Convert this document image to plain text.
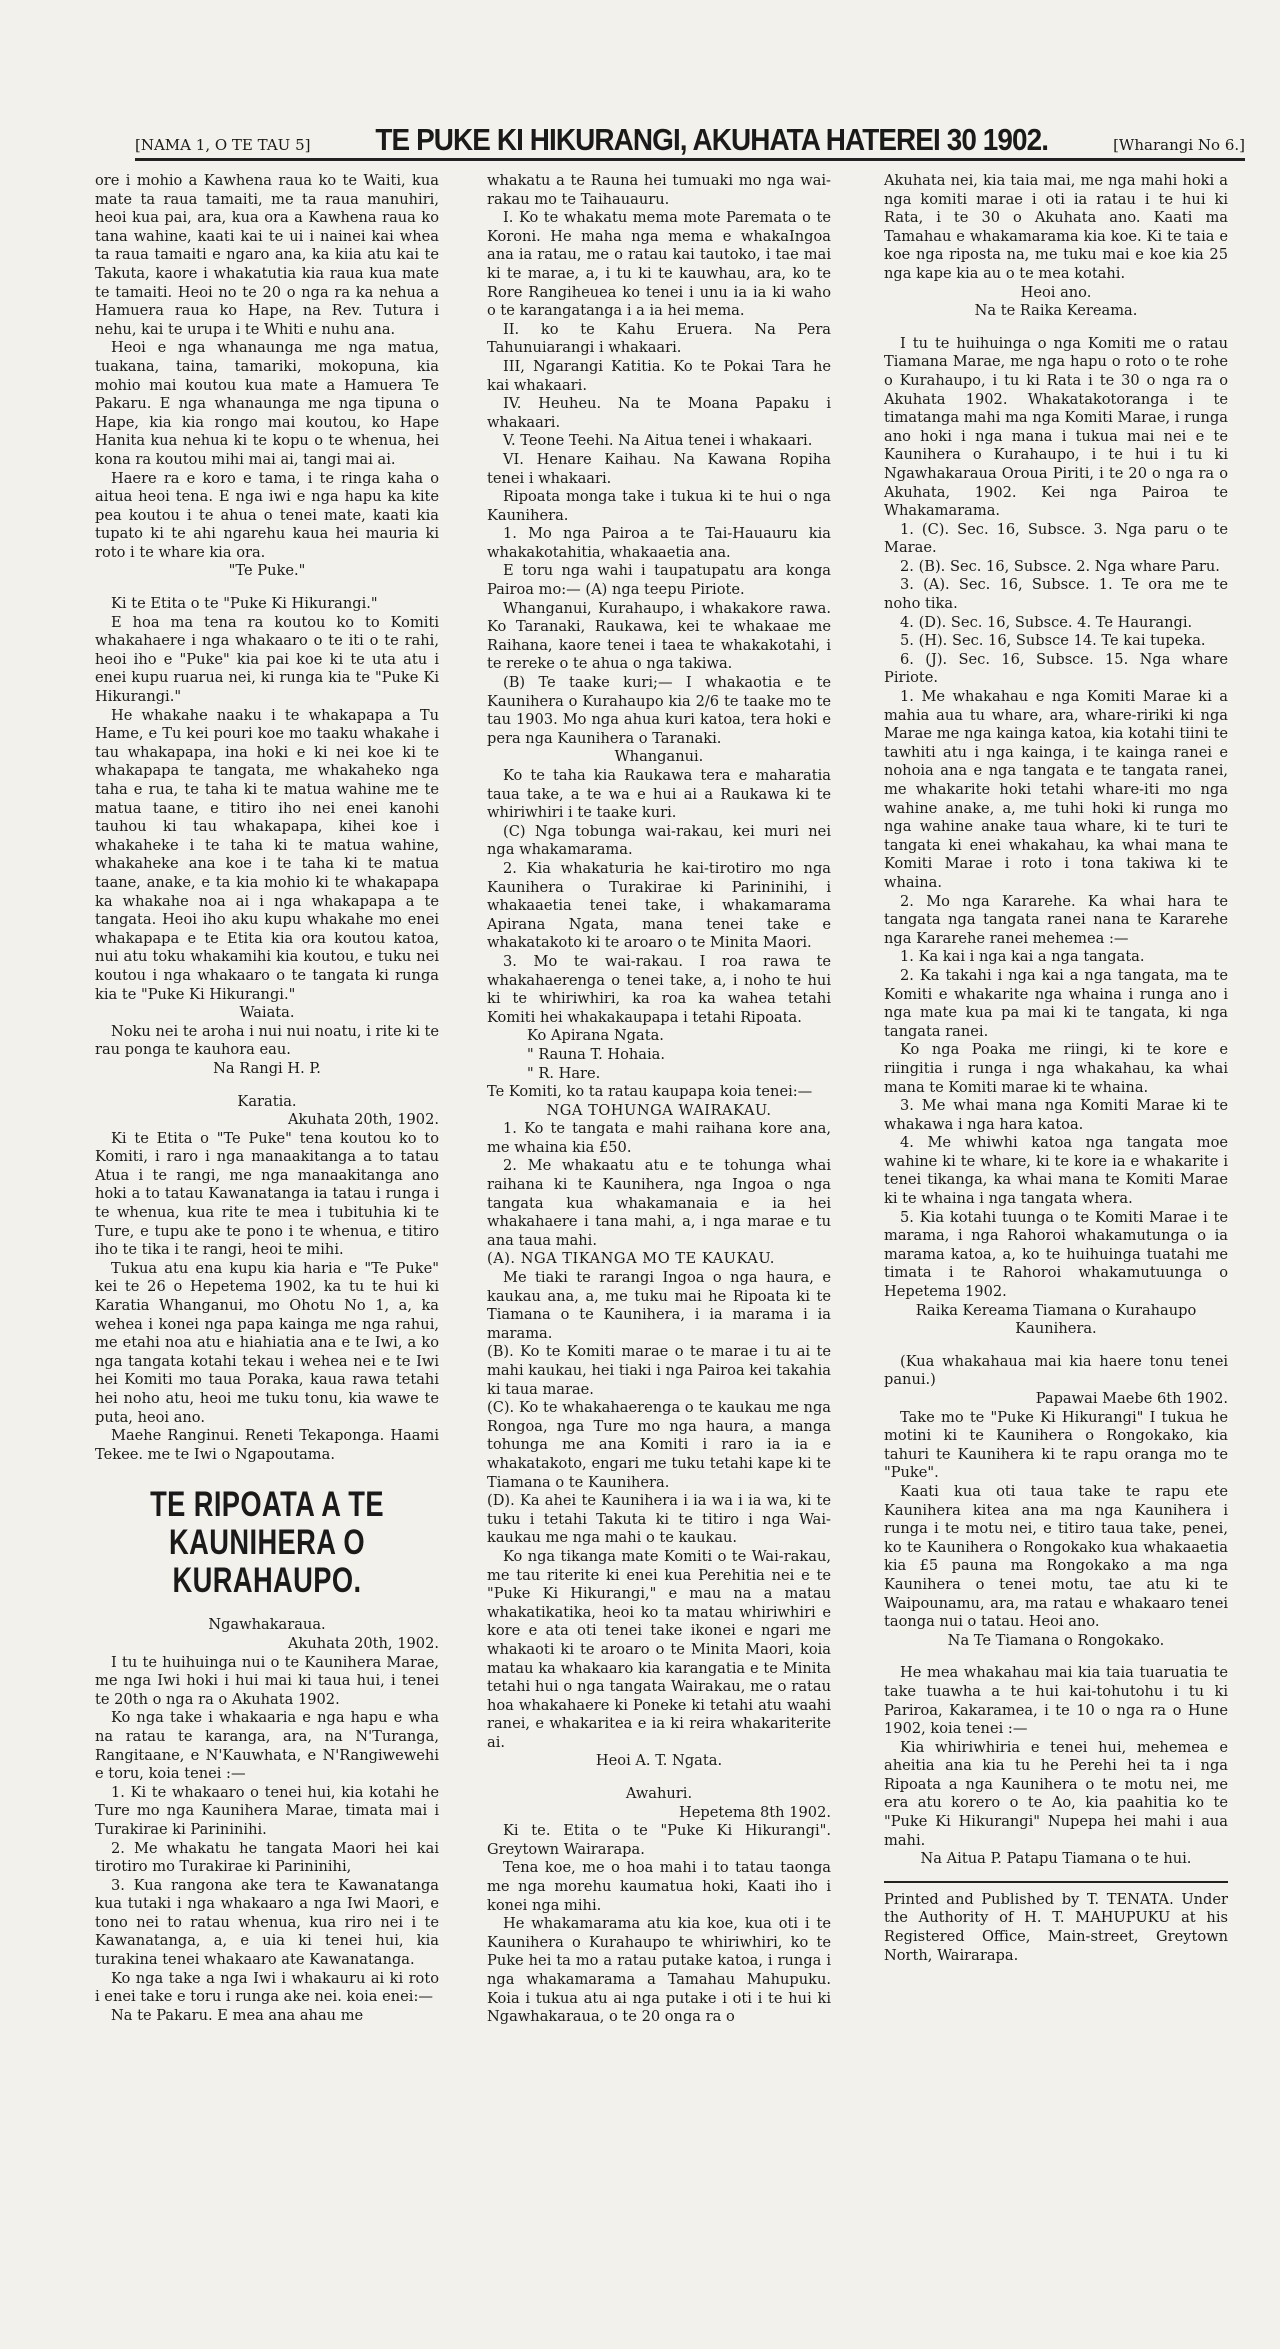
[NAMA 1, O TE TAU 5] TE PUKE KI HIKURANGI, AKUHATA HATEREI 30 1902.	[Wharangi No 6.]

ore i mohio a Kawhena raua ko te Waiti, kua mate ta raua tamaiti, me ta raua manuhiri, heoi kua pai, ara, kua ora a Kawhena raua ko tana wahine, kaati kai te ui i nainei kai whea ta raua tamaiti e ngaro ana, ka kiia atu kai te Takuta, kaore i whakatutia kia raua kua mate te tamaiti. Heoi no te 20 o nga ra ka nehua a Hamuera raua ko Hape, na Rev. Tutura i nehu, kai te urupa i te Whiti e nuhu ana.

Heoi e nga whanaunga me nga matua, tuakana, taina, tamariki, mokopuna, kia mohio mai koutou kua mate a Hamuera Te Pakaru. E nga whanaunga me nga tipuna o Hape, kia kia rongo mai koutou, ko Hape Hanita kua nehua ki te kopu o te whenua, hei kona ra koutou mihi mai ai, tangi mai ai.

Haere ra e koro e tama, i te ringa kaha o aitua heoi tena. E nga iwi e nga hapu ka kite pea koutou i te ahua o tenei mate, kaati kia tupato ki te ahi ngarehu kaua hei mauria ki roto i te whare kia ora.

"Te Puke."

Ki te Etita o te "Puke Ki Hikurangi."

E hoa ma tena ra koutou ko to Komiti whakahaere i nga whakaaro o te iti o te rahi, heoi iho e "Puke" kia pai koe ki te uta atu i enei kupu ruarua nei, ki runga kia te "Puke Ki Hikurangi."

He whakahe naaku i te whakapapa a Tu Hame, e Tu kei pouri koe mo taaku whakahe i tau whakapapa, ina hoki e ki nei koe ki te whakapapa te tangata, me whakaheko nga taha e rua, te taha ki te matua wahine me te matua taane, e titiro iho nei enei kanohi tauhou ki tau whakapapa, kihei koe i whakaheke i te taha ki te matua wahine, whakaheke ana koe i te taha ki te matua taane, anake, e ta kia mohio ki te whakapapa ka whakahe noa ai i nga whakapapa a te tangata. Heoi iho aku kupu whakahe mo enei whakapapa e te Etita kia ora koutou katoa, nui atu toku whakamihi kia koutou, e tuku nei koutou i nga whakaaro o te tangata ki runga kia te "Puke Ki Hikurangi."

Waiata.

Noku nei te aroha i nui nui noatu, i rite ki te rau ponga te kauhora eau.

Na Rangi H. P.

Karatia.

Akuhata 20th, 1902.

Ki te Etita o "Te Puke" tena koutou ko to Komiti, i raro i nga manaakitanga a to tatau Atua i te rangi, me nga manaakitanga ano hoki a to tatau Kawanatanga ia tatau i runga i te whenua, kua rite te mea i tubituhia ki te Ture, e tupu ake te pono i te whenua, e titiro iho te tika i te rangi, heoi te mihi.

Tukua atu ena kupu kia haria e "Te Puke" kei te 26 o Hepetema 1902, ka tu te hui ki Karatia Whanganui, mo Ohotu No 1, a, ka wehea i konei nga papa kainga me nga rahui, me etahi noa atu e hiahiatia ana e te Iwi, a ko nga tangata kotahi tekau i wehea nei e te Iwi hei Komiti mo taua Poraka, kaua rawa tetahi hei noho atu, heoi me tuku tonu, kia wawe te puta, heoi ano.

Maehe Ranginui. Reneti Tekaponga. Haami Tekee. me te Iwi o Ngapoutama.

TE RIPOATA A TE KAUNIHERA O KURAHAUPO.

Ngawhakaraua.

Akuhata 20th, 1902.

I tu te huihuinga nui o te Kaunihera Marae, me nga Iwi hoki i hui mai ki taua hui, i tenei te 20th o nga ra o Akuhata 1902.

Ko nga take i whakaaria e nga hapu e wha na ratau te karanga, ara, na N'Turanga, Rangitaane, e N'Kauwhata, e N'Rangiwewehi e toru, koia tenei :—

1. Ki te whakaaro o tenei hui, kia kotahi he Ture mo nga Kaunihera Marae, timata mai i Turakirae ki Parininihi.

2. Me whakatu he tangata Maori hei kai tirotiro mo Turakirae ki Parininihi,

3. Kua rangona ake tera te Kawanatanga kua tutaki i nga whakaaro a nga Iwi Maori, e tono nei to ratau whenua, kua riro nei i te Kawanatanga, a, e uia ki tenei hui, kia turakina tenei whakaaro ate Kawanatanga.

Ko nga take a nga Iwi i whakauru ai ki roto i enei take e toru i runga ake nei. koia enei:—

Na te Pakaru. E mea ana ahau me

whakatu a te Rauna hei tumuaki mo nga wai-rakau mo te Taihauauru.

I. Ko te whakatu mema mote Paremata o te Koroni. He maha nga mema e whakaIngoa ana ia ratau, me o ratau kai tautoko, i tae mai ki te marae, a, i tu ki te kauwhau, ara, ko te Rore Rangiheuea ko tenei i unu ia ia ki waho o te karangatanga i a ia hei mema.

II. ko te Kahu Eruera. Na Pera Tahunuiarangi i whakaari.

III, Ngarangi Katitia. Ko te Pokai Tara he kai whakaari.

IV. Heuheu. Na te Moana Papaku i whakaari.

V. Teone Teehi. Na Aitua tenei i whakaari.

VI. Henare Kaihau. Na Kawana Ropiha tenei i whakaari.

Ripoata monga take i tukua ki te hui o nga Kaunihera.

1. Mo nga Pairoa a te Tai-Hauauru kia whakakotahitia, whakaaetia ana.

E toru nga wahi i taupatupatu ara konga Pairoa mo:— (A) nga teepu Piriote.

Whanganui, Kurahaupo, i whakakore rawa. Ko Taranaki, Raukawa, kei te whakaae me Raihana, kaore tenei i taea te whakakotahi, i te rereke o te ahua o nga takiwa.

(B) Te taake kuri;— I whakaotia e te Kaunihera o Kurahaupo kia 2/6 te taake mo te tau 1903. Mo nga ahua kuri katoa, tera hoki e pera nga Kaunihera o Taranaki.

Whanganui.

Ko te taha kia Raukawa tera e maharatia taua take, a te wa e hui ai a Raukawa ki te whiriwhiri i te taake kuri.

(C) Nga tobunga wai-rakau, kei muri nei nga whakamarama.

2. Kia whakaturia he kai-tirotiro mo nga Kaunihera o Turakirae ki Parininihi, i whakaaetia tenei take, i whakamarama Apirana Ngata, mana tenei take e whakatakoto ki te aroaro o te Minita Maori.

3. Mo te wai-rakau. I roa rawa te whakahaerenga o tenei take, a, i noho te hui ki te whiriwhiri, ka roa ka wahea tetahi Komiti hei whakakaupapa i tetahi Ripoata.

Ko Apirana Ngata.

" Rauna T. Hohaia.

" R. Hare.

Te Komiti, ko ta ratau kaupapa koia tenei:—

NGA TOHUNGA WAIRAKAU.

1. Ko te tangata e mahi raihana kore ana, me whaina kia £50.

2. Me whakaatu atu e te tohunga whai raihana ki te Kaunihera, nga Ingoa o nga tangata kua whakamanaia e ia hei whakahaere i tana mahi, a, i nga marae e tu ana taua mahi.

(A). NGA TIKANGA MO TE KAUKAU.

Me tiaki te rarangi Ingoa o nga haura, e kaukau ana, a, me tuku mai he Ripoata ki te Tiamana o te Kaunihera, i ia marama i ia marama.

(B). Ko te Komiti marae o te marae i tu ai te mahi kaukau, hei tiaki i nga Pairoa kei takahia ki taua marae.

(C). Ko te whakahaerenga o te kaukau me nga Rongoa, nga Ture mo nga haura, a manga tohunga me ana Komiti i raro ia ia e whakatakoto, engari me tuku tetahi kape ki te Tiamana o te Kaunihera.

(D). Ka ahei te Kaunihera i ia wa i ia wa, ki te tuku i tetahi Takuta ki te titiro i nga Wai-kaukau me nga mahi o te kaukau.

Ko nga tikanga mate Komiti o te Wai-rakau, me tau riterite ki enei kua Perehitia nei e te "Puke Ki Hikurangi," e mau na a matau whakatikatika, heoi ko ta matau whiriwhiri e kore e ata oti tenei take ikonei e ngari me whakaoti ki te aroaro o te Minita Maori, koia matau ka whakaaro kia karangatia e te Minita tetahi hui o nga tangata Wairakau, me o ratau hoa whakahaere ki Poneke ki tetahi atu waahi ranei, e whakaritea e ia ki reira whakariterite ai.

Heoi A. T. Ngata.

Awahuri.

Hepetema 8th 1902.

Ki te. Etita o te "Puke Ki Hikurangi". Greytown Wairarapa.

Tena koe, me o hoa mahi i to tatau taonga me nga morehu kaumatua hoki, Kaati iho i konei nga mihi.

He whakamarama atu kia koe, kua oti i te Kaunihera o Kurahaupo te whiriwhiri, ko te Puke hei ta mo a ratau putake katoa, i runga i nga whakamarama a Tamahau Mahupuku. Koia i tukua atu ai nga putake i oti i te hui ki Ngawhakaraua, o te 20 onga ra o

Akuhata nei, kia taia mai, me nga mahi hoki a nga komiti marae i oti ia ratau i te hui ki Rata, i te 30 o Akuhata ano. Kaati ma Tamahau e whakamarama kia koe. Ki te taia e koe nga riposta na, me tuku mai e koe kia 25 nga kape kia au o te mea kotahi.

Heoi ano.

Na te Raika Kereama.

I tu te huihuinga o nga Komiti me o ratau Tiamana Marae, me nga hapu o roto o te rohe o Kurahaupo, i tu ki Rata i te 30 o nga ra o Akuhata 1902. Whakatakotoranga i te timatanga mahi ma nga Komiti Marae, i runga ano hoki i nga mana i tukua mai nei e te Kaunihera o Kurahaupo, i te hui i tu ki Ngawhakaraua Oroua Piriti, i te 20 o nga ra o Akuhata, 1902. Kei nga Pairoa te Whakamarama.

1. (C). Sec. 16, Subsce. 3. Nga paru o te Marae.

2. (B). Sec. 16, Subsce. 2. Nga whare Paru.

3. (A). Sec. 16, Subsce. 1. Te ora me te noho tika.

4. (D). Sec. 16, Subsce. 4. Te Haurangi.

5. (H). Sec. 16, Subsce 14. Te kai tupeka.

6. (J). Sec. 16, Subsce. 15. Nga whare Piriote.

1. Me whakahau e nga Komiti Marae ki a mahia aua tu whare, ara, whare-ririki ki nga Marae me nga kainga katoa, kia kotahi tiini te tawhiti atu i nga kainga, i te kainga ranei e nohoia ana e nga tangata e te tangata ranei, me whakarite hoki tetahi whare-iti mo nga wahine anake, a, me tuhi hoki ki runga mo nga wahine anake taua whare, ki te turi te tangata ki enei whakahau, ka whai mana te Komiti Marae i roto i tona takiwa ki te whaina.

2. Mo nga Kararehe. Ka whai hara te tangata nga tangata ranei nana te Kararehe nga Kararehe ranei mehemea :—

1. Ka kai i nga kai a nga tangata.

2. Ka takahi i nga kai a nga tangata, ma te Komiti e whakarite nga whaina i runga ano i nga mate kua pa mai ki te tangata, ki nga tangata ranei.

Ko nga Poaka me riingi, ki te kore e riingitia i runga i nga whakahau, ka whai mana te Komiti marae ki te whaina.

3. Me whai mana nga Komiti Marae ki te whakawa i nga hara katoa.

4. Me whiwhi katoa nga tangata moe wahine ki te whare, ki te kore ia e whakarite i tenei tikanga, ka whai mana te Komiti Marae ki te whaina i nga tangata whera.

5. Kia kotahi tuunga o te Komiti Marae i te marama, i nga Rahoroi whakamutunga o ia marama katoa, a, ko te huihuinga tuatahi me timata i te Rahoroi whakamutuunga o Hepetema 1902.

Raika Kereama Tiamana o Kurahaupo Kaunihera.

(Kua whakahaua mai kia haere tonu tenei panui.)

Papawai Maebe 6th 1902.

Take mo te "Puke Ki Hikurangi" I tukua he motini ki te Kaunihera o Rongokako, kia tahuri te Kaunihera ki te rapu oranga mo te "Puke".

Kaati kua oti taua take te rapu ete Kaunihera kitea ana ma nga Kaunihera i runga i te motu nei, e titiro taua take, penei, ko te Kaunihera o Rongokako kua whakaaetia kia £5 pauna ma Rongokako a ma nga Kaunihera o tenei motu, tae atu ki te Waipounamu, ara, ma ratau e whakaaro tenei taonga nui o tatau. Heoi ano.

Na Te Tiamana o Rongokako.

He mea whakahau mai kia taia tuaruatia te take tuawha a te hui kai-tohutohu i tu ki Pariroa, Kakaramea, i te 10 o nga ra o Hune 1902, koia tenei :—

Kia whiriwhiria e tenei hui, mehemea e aheitia ana kia tu he Perehi hei ta i nga Ripoata a nga Kaunihera o te motu nei, me era atu korero o te Ao, kia paahitia ko te "Puke Ki Hikurangi" Nupepa hei mahi i aua mahi.

Na Aitua P. Patapu Tiamana o te hui.

Printed and Published by T. TENATA. Under the Authority of H. T. MAHUPUKU at his Registered Office, Main-street, Greytown North, Wairarapa.
